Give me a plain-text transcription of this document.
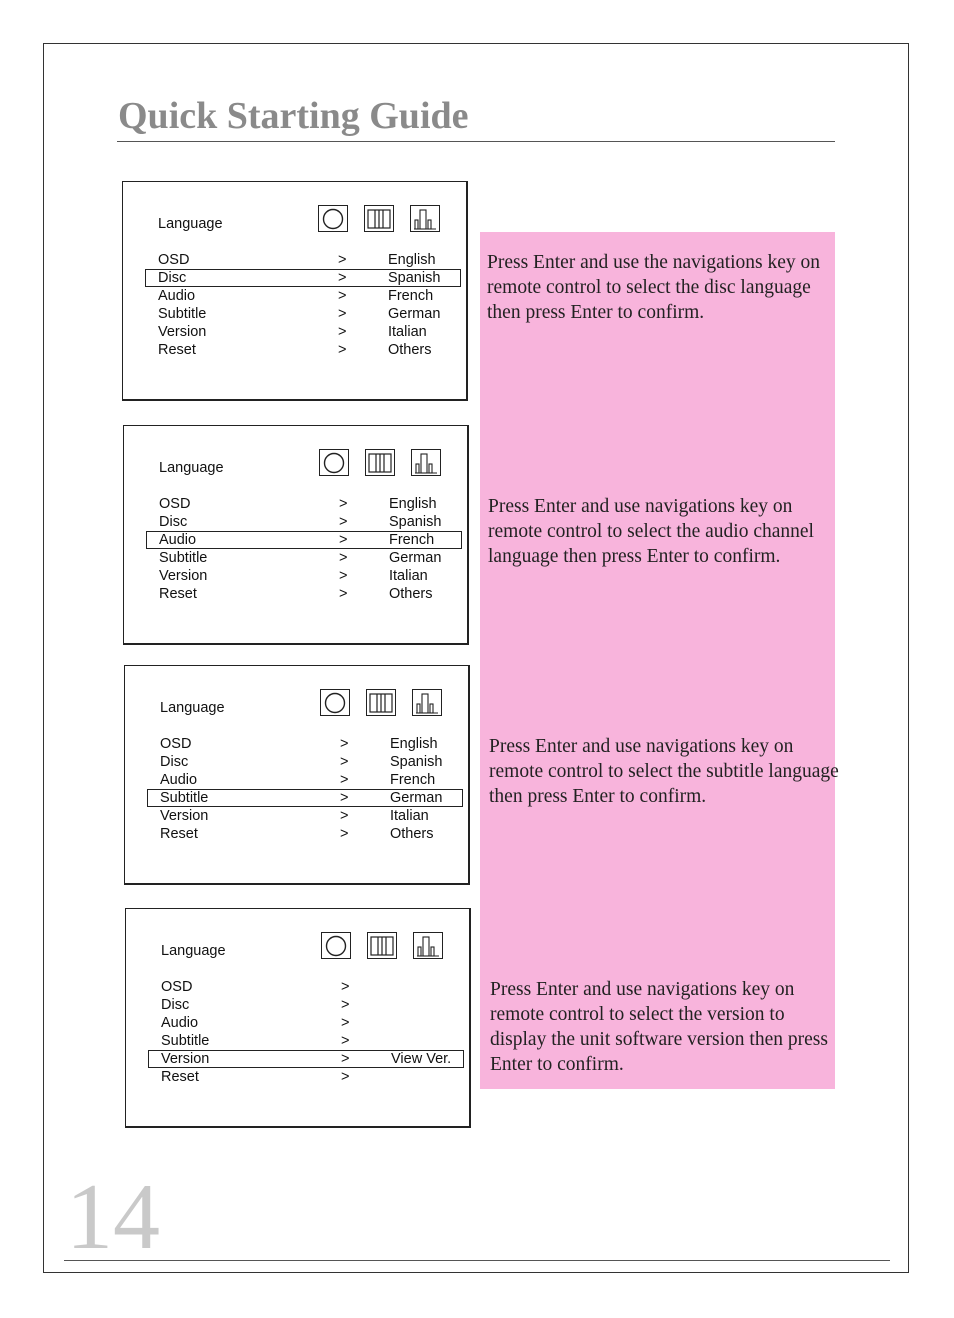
Quick Starting Guide
Language
OSD	>	English
Disc	>	Spanish
Audio	>	French
Subtitle	>	German
Version	>	Italian
Reset	>	Others

Press Enter and use the navigations key on remote control to select the disc language then press Enter to confirm.

Language
OSD	>	English
Disc	>	Spanish
Audio	>	French
Subtitle	>	German
Version	>	Italian
Reset	>	Others

Press Enter and use navigations key on remote control to select the audio channel language then press Enter to confirm.

Language
OSD	>	English
Disc	>	Spanish
Audio	>	French
Subtitle	>	German
Version	>	Italian
Reset	>	Others

Press Enter and use navigations key on remote control to select the subtitle language then press Enter to confirm.

Language
OSD	>
Disc	>
Audio	>
Subtitle	>
Version	>	View Ver.
Reset	>

Press Enter and use navigations key on remote control to select the version to display the unit software version then press Enter to confirm.

14
